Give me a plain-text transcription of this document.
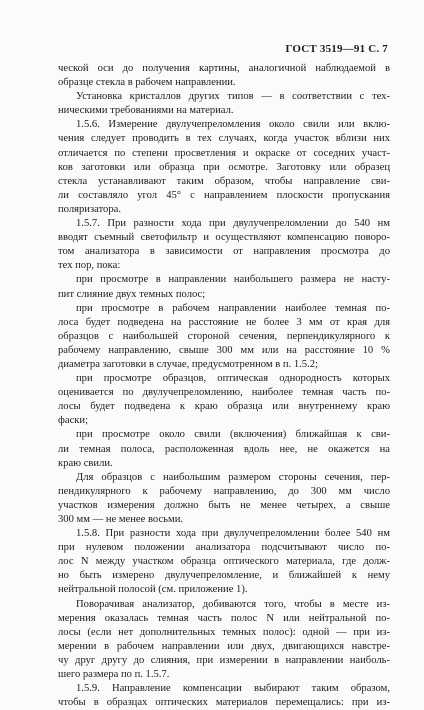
ГОСТ 3519—91 С. 7
ческой оси до получения картины, аналогичной наблюдаемой в
образце стекла в рабочем направлении.
Установка кристаллов других типов — в соответствии с тех-
ническими требованиями на материал.
1.5.6. Измерение двулучепреломления около свили или вклю-
чения следует проводить в тех случаях, когда участок вблизи них
отличается по степени просветления и окраске от соседних участ-
ков заготовки или образца при осмотре. Заготовку или образец
стекла устанавливают таким образом, чтобы направление сви-
ли составляло угол 45° с направлением плоскости пропускания
поляризатора.
1.5.7. При разности хода при двулучепреломлении до 540 нм
вводят съемный светофильтр и осуществляют компенсацию поворо-
том анализатора в зависимости от направления просмотра до
тех пор, пока:
при просмотре в направлении наибольшего размера не насту-
пит слияние двух темных полос;
при просмотре в рабочем направлении наиболее темная по-
лоса будет подведена на расстояние не более 3 мм от края для
образцов с наибольшей стороной сечения, перпендикулярного к
рабочему направлению, свыше 300 мм или на расстояние 10 %
диаметра заготовки в случае, предусмотренном в п. 1.5.2;
при просмотре образцов, оптическая однородность которых
оценивается по двулучепреломлению, наиболее темная часть по-
лосы будет подведена к краю образца или внутреннему краю
фаски;
при просмотре около свили (включения) ближайшая к сви-
ли темная полоса, расположенная вдоль нее, не окажется на
краю свили.
Для образцов с наибольшим размером стороны сечения, пер-
пендикулярного к рабочему направлению, до 300 мм число
участков измерения должно быть не менее четырех, а свыше
300 мм — не менее восьми.
1.5.8. При разности хода при двулучепреломлении более 540 нм
при нулевом положении анализатора подсчитывают число по-
лос N между участком образца оптического материала, где долж-
но быть измерено двулучепреломление, и ближайшей к нему
нейтральной полосой (см. приложение 1).
Поворачивая анализатор, добиваются того, чтобы в месте из-
мерения оказалась темная часть полос N или нейтральной по-
лосы (если нет дополнительных темных полос): одной — при из-
мерении в рабочем направлении или двух, двигающихся навстре-
чу друг другу до слияния, при измерении в направлении наиболь-
шего размера по п. 1.5.7.
1.5.9. Направление компенсации выбирают таким образом,
чтобы в образцах оптических материалов перемещались: при из-
